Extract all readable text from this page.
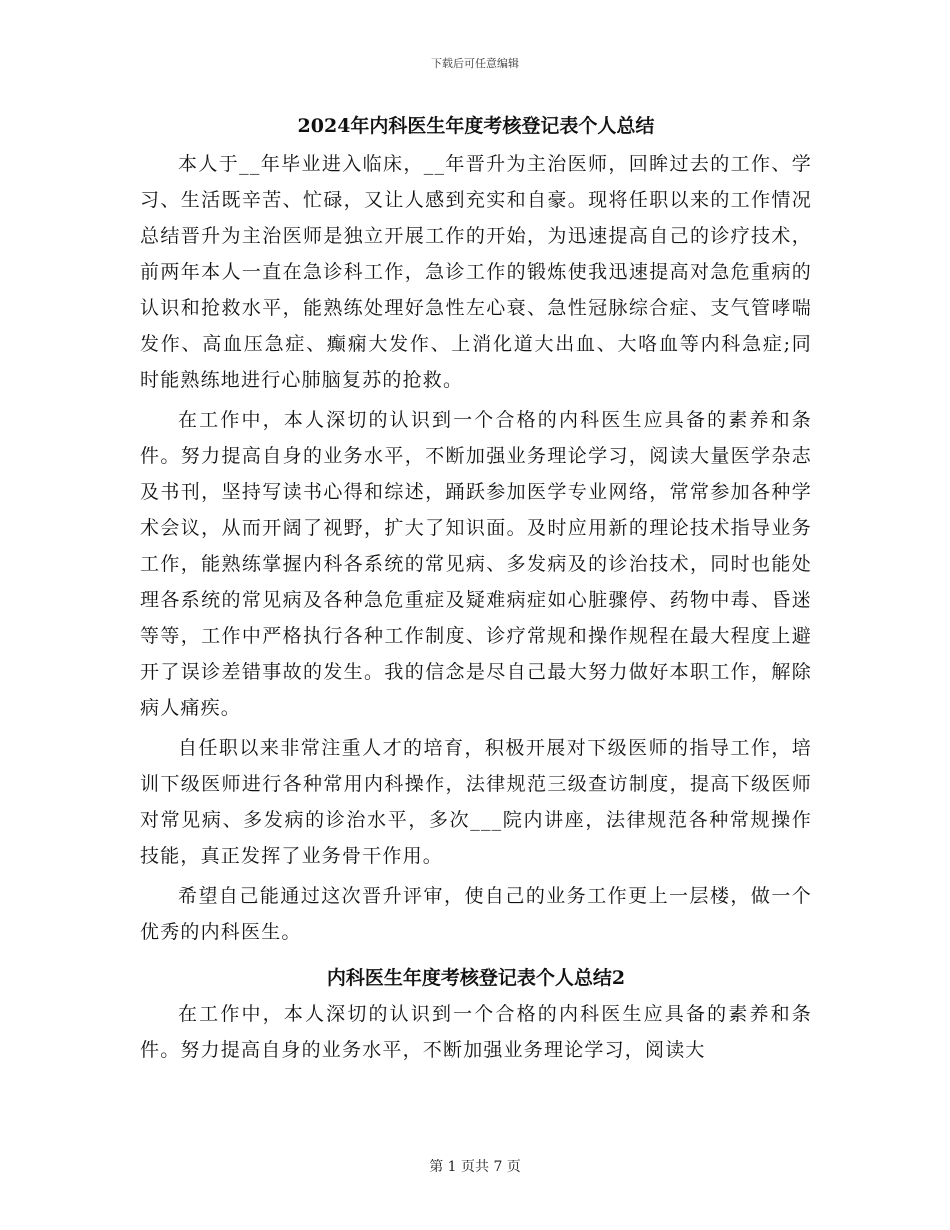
下载后可任意编辑
2024年内科医生年度考核登记表个人总结

本人于__年毕业进入临床，__年晋升为主治医师，回眸过去的工作、学习、生活既辛苦、忙碌，又让人感到充实和自豪。现将任职以来的工作情况总结晋升为主治医师是独立开展工作的开始，为迅速提高自己的诊疗技术，前两年本人一直在急诊科工作，急诊工作的锻炼使我迅速提高对急危重病的认识和抢救水平，能熟练处理好急性左心衰、急性冠脉综合症、支气管哮喘发作、高血压急症、癫痫大发作、上消化道大出血、大咯血等内科急症;同时能熟练地进行心肺脑复苏的抢救。

在工作中，本人深切的认识到一个合格的内科医生应具备的素养和条件。努力提高自身的业务水平，不断加强业务理论学习，阅读大量医学杂志及书刊，坚持写读书心得和综述，踊跃参加医学专业网络，常常参加各种学术会议，从而开阔了视野，扩大了知识面。及时应用新的理论技术指导业务工作，能熟练掌握内科各系统的常见病、多发病及的诊治技术，同时也能处理各系统的常见病及各种急危重症及疑难病症如心脏骤停、药物中毒、昏迷等等，工作中严格执行各种工作制度、诊疗常规和操作规程在最大程度上避开了误诊差错事故的发生。我的信念是尽自己最大努力做好本职工作，解除病人痛疾。

自任职以来非常注重人才的培育，积极开展对下级医师的指导工作，培训下级医师进行各种常用内科操作，法律规范三级查访制度，提高下级医师对常见病、多发病的诊治水平，多次___院内讲座，法律规范各种常规操作技能，真正发挥了业务骨干作用。

希望自己能通过这次晋升评审，使自己的业务工作更上一层楼，做一个优秀的内科医生。

内科医生年度考核登记表个人总结2

在工作中，本人深切的认识到一个合格的内科医生应具备的素养和条件。努力提高自身的业务水平，不断加强业务理论学习，阅读大

第 1 页共 7 页
